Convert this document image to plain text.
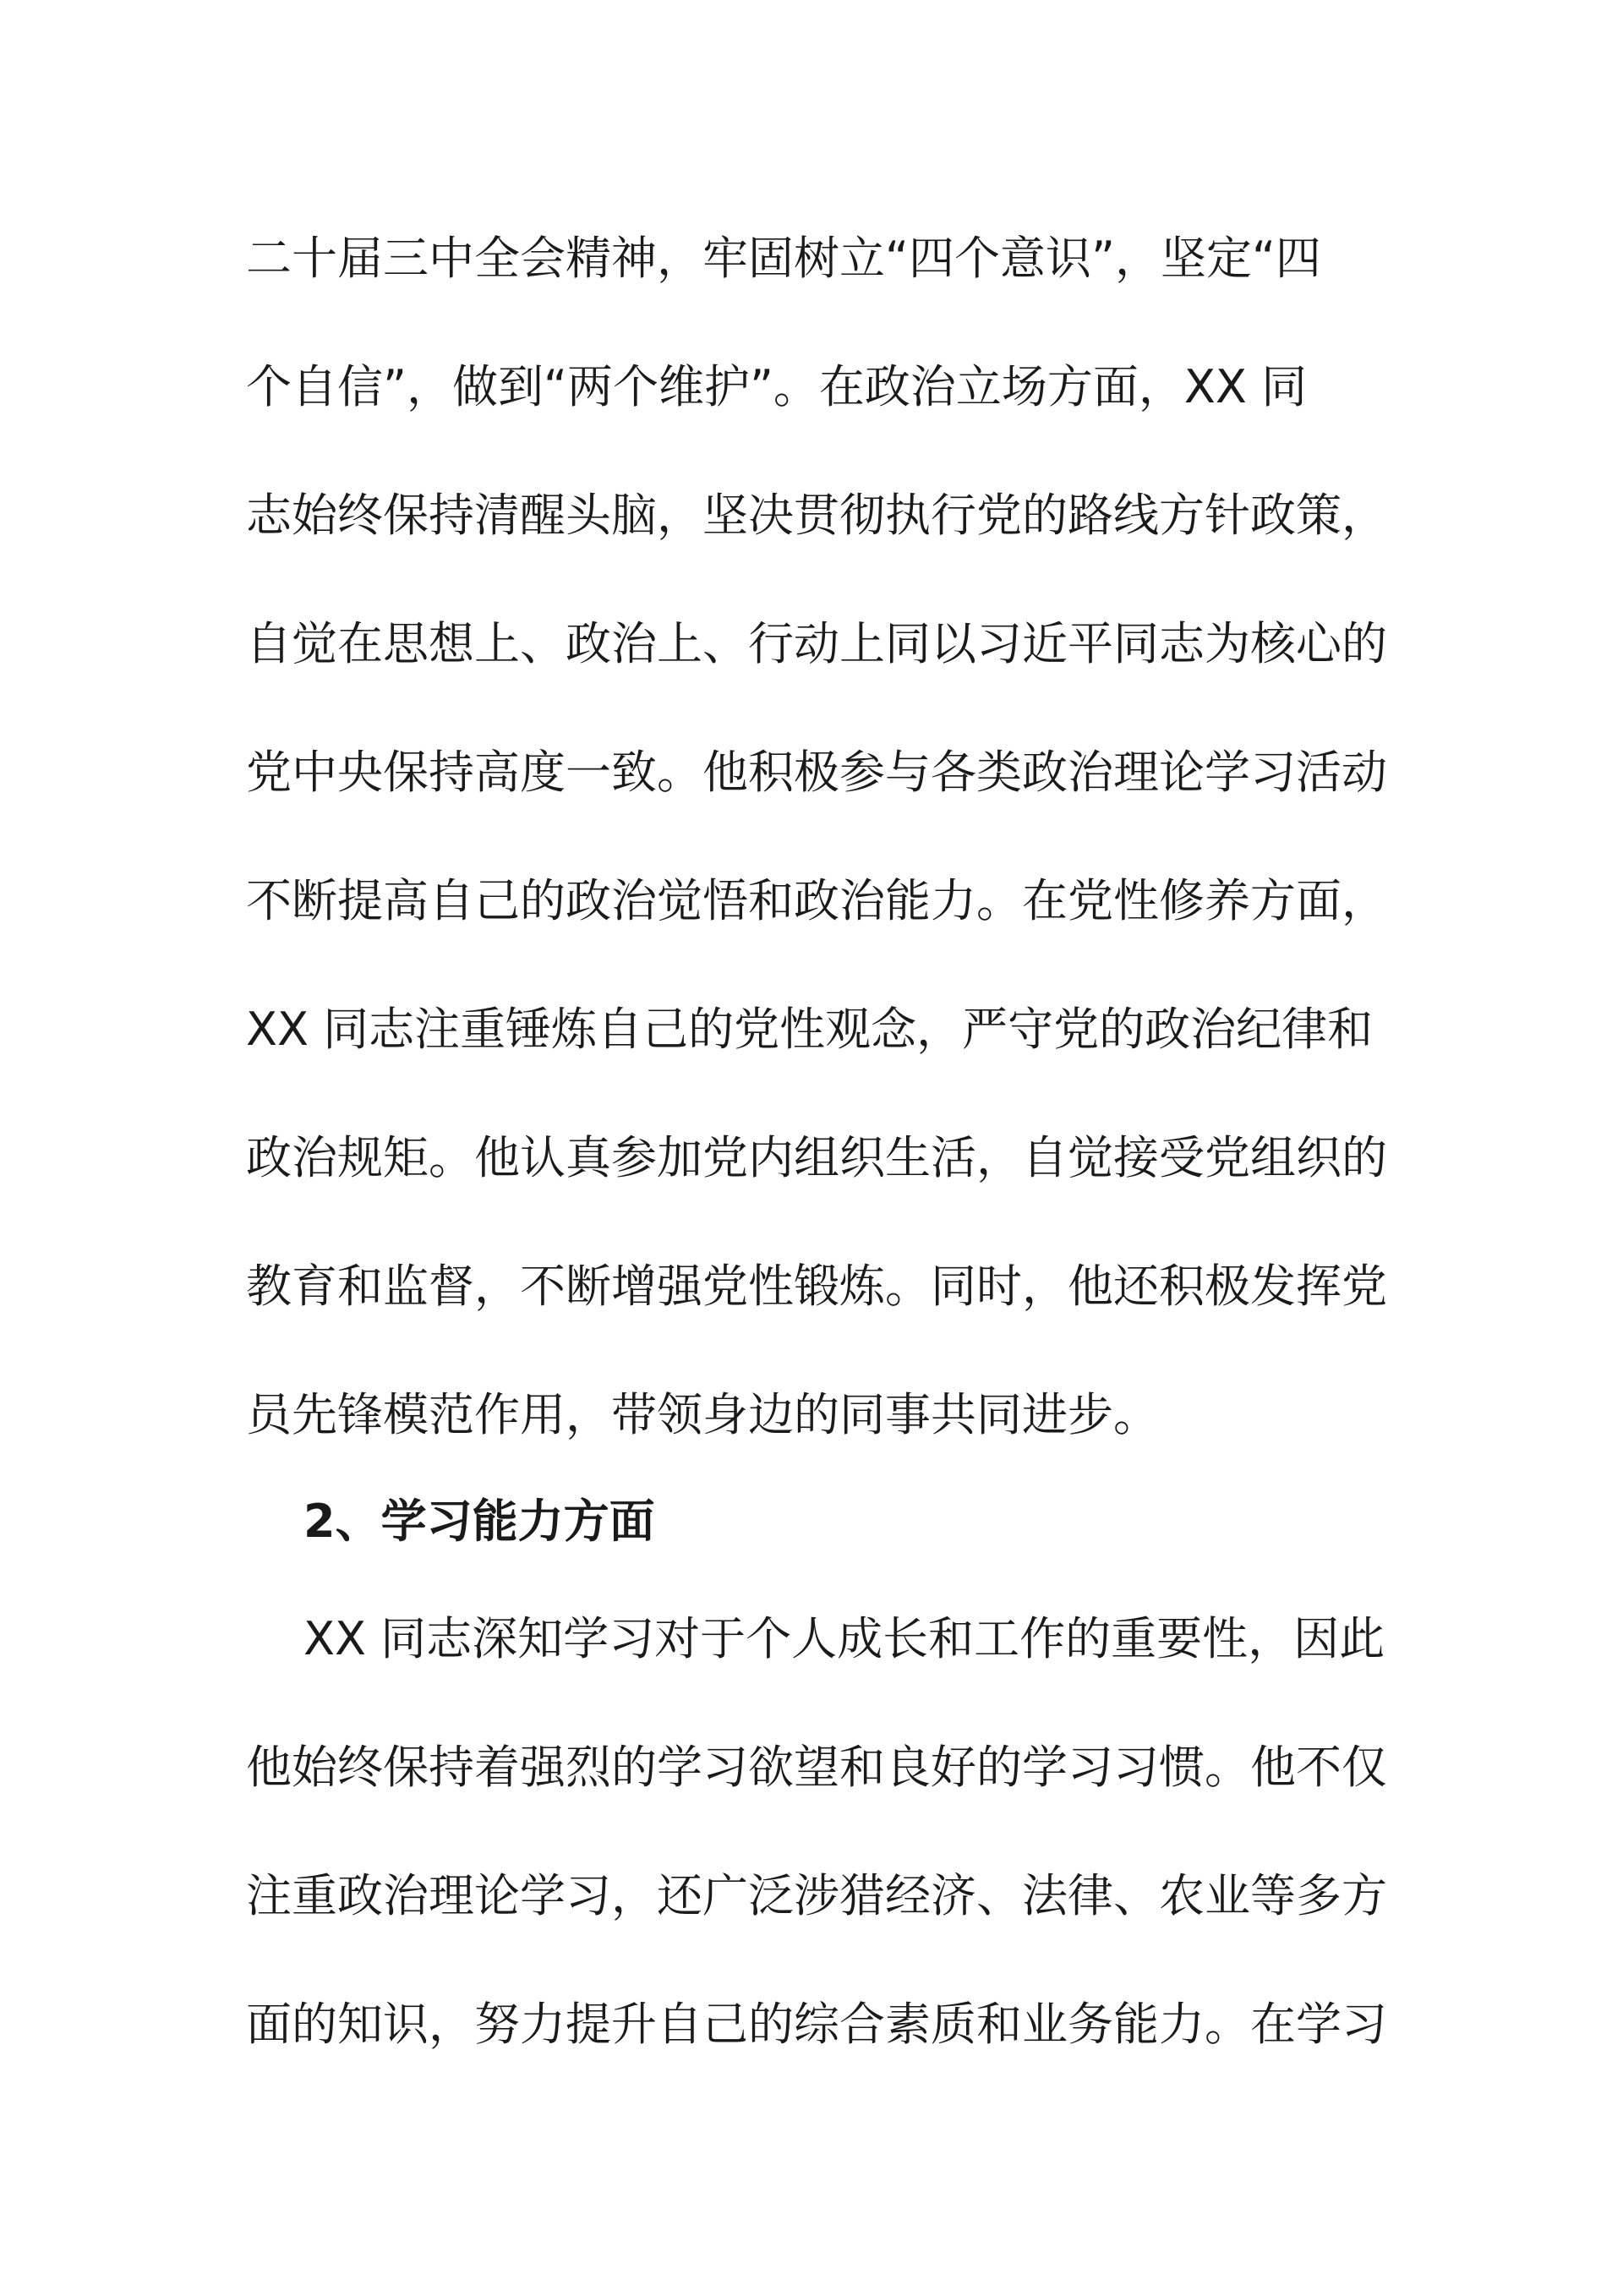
二十届三中全会精神，牢固树立“四个意识”，坚定“四
个自信”，做到“两个维护”。在政治立场方面，XX 同
志始终保持清醒头脑，坚决贯彻执行党的路线方针政策，
自觉在思想上、政治上、行动上同以习近平同志为核心的
党中央保持高度一致。他积极参与各类政治理论学习活动
不断提高自己的政治觉悟和政治能力。在党性修养方面，
XX 同志注重锤炼自己的党性观念，严守党的政治纪律和
政治规矩。他认真参加党内组织生活，自觉接受党组织的
教育和监督，不断增强党性锻炼。同时，他还积极发挥党
员先锋模范作用，带领身边的同事共同进步。
2、学习能力方面
XX 同志深知学习对于个人成长和工作的重要性，因此
他始终保持着强烈的学习欲望和良好的学习习惯。他不仅
注重政治理论学习，还广泛涉猎经济、法律、农业等多方
面的知识，努力提升自己的综合素质和业务能力。在学习
